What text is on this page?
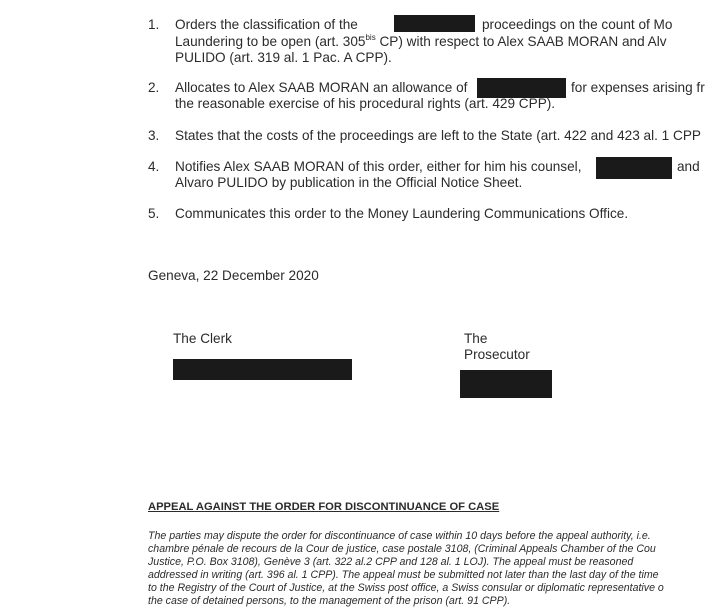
1. Orders the classification of the	proceedings on the count of Mo
Laundering to be open (art. $305^{bis}$ CP) with respect to Alex SAAB MORAN and Alv
PULIDO (art. 319 al. 1 Pac. A CPP).
2. Allocates to Alex SAAB MORAN an allowance of	for expenses arising fr
the reasonable exercise of his procedural rights (art. 429 CPP).
3. States that the costs of the proceedings are left to the State (art. 422 and 423 al. 1 CPP
4. Notifies Alex SAAB MORAN of this order, either for him his counsel,	and
Alvaro PULIDO by publication in the Official Notice Sheet.
5. Communicates this order to the Money Laundering Communications Office.
Geneva, 22 December 2020
The Clerk	The
Prosecutor
APPEAL AGAINST THE ORDER FOR DISCONTINUANCE OF CASE
The parties may dispute the order for discontinuance of case within 10 days before the appeal authority, i.e.
chambre pénale de recours de la Cour de justice, case postale 3108, (Criminal Appeals Chamber of the Cou
Justice, P.O. Box 3108), Genève 3 (art. 322 al.2 CPP and 128 al. 1 LOJ). The appeal must be reasoned
addressed in writing (art. 396 al. 1 CPP). The appeal must be submitted not later than the last day of the time
to the Registry of the Court of Justice, at the Swiss post office, a Swiss consular or diplomatic representative o
the case of detained persons, to the management of the prison (art. 91 CPP).
